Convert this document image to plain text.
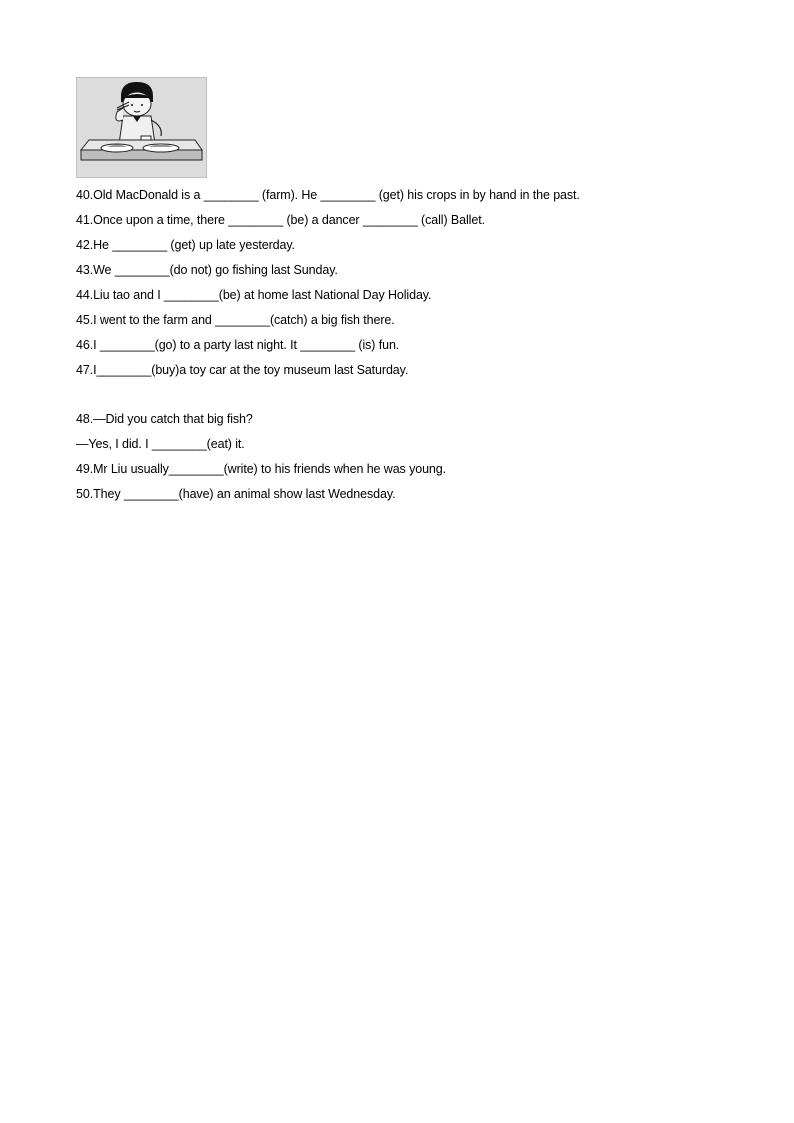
40.Old MacDonald is a ________ (farm). He ________ (get) his crops in by hand in the past.
41.Once upon a time, there ________ (be) a dancer ________ (call) Ballet.
42.He ________ (get) up late yesterday.
43.We ________(do not) go fishing last Sunday.
44.Liu tao and I ________(be) at home last National Day Holiday.
45.I went to the farm and ________(catch) a big fish there.
46.I ________(go) to a party last night. It ________ (is) fun.
47.I________(buy)a toy car at the toy museum last Saturday.
48.—Did you catch that big fish?
—Yes, I did. I ________(eat) it.
49.Mr Liu usually________(write) to his friends when he was young.
50.They ________(have) an animal show last Wednesday.
